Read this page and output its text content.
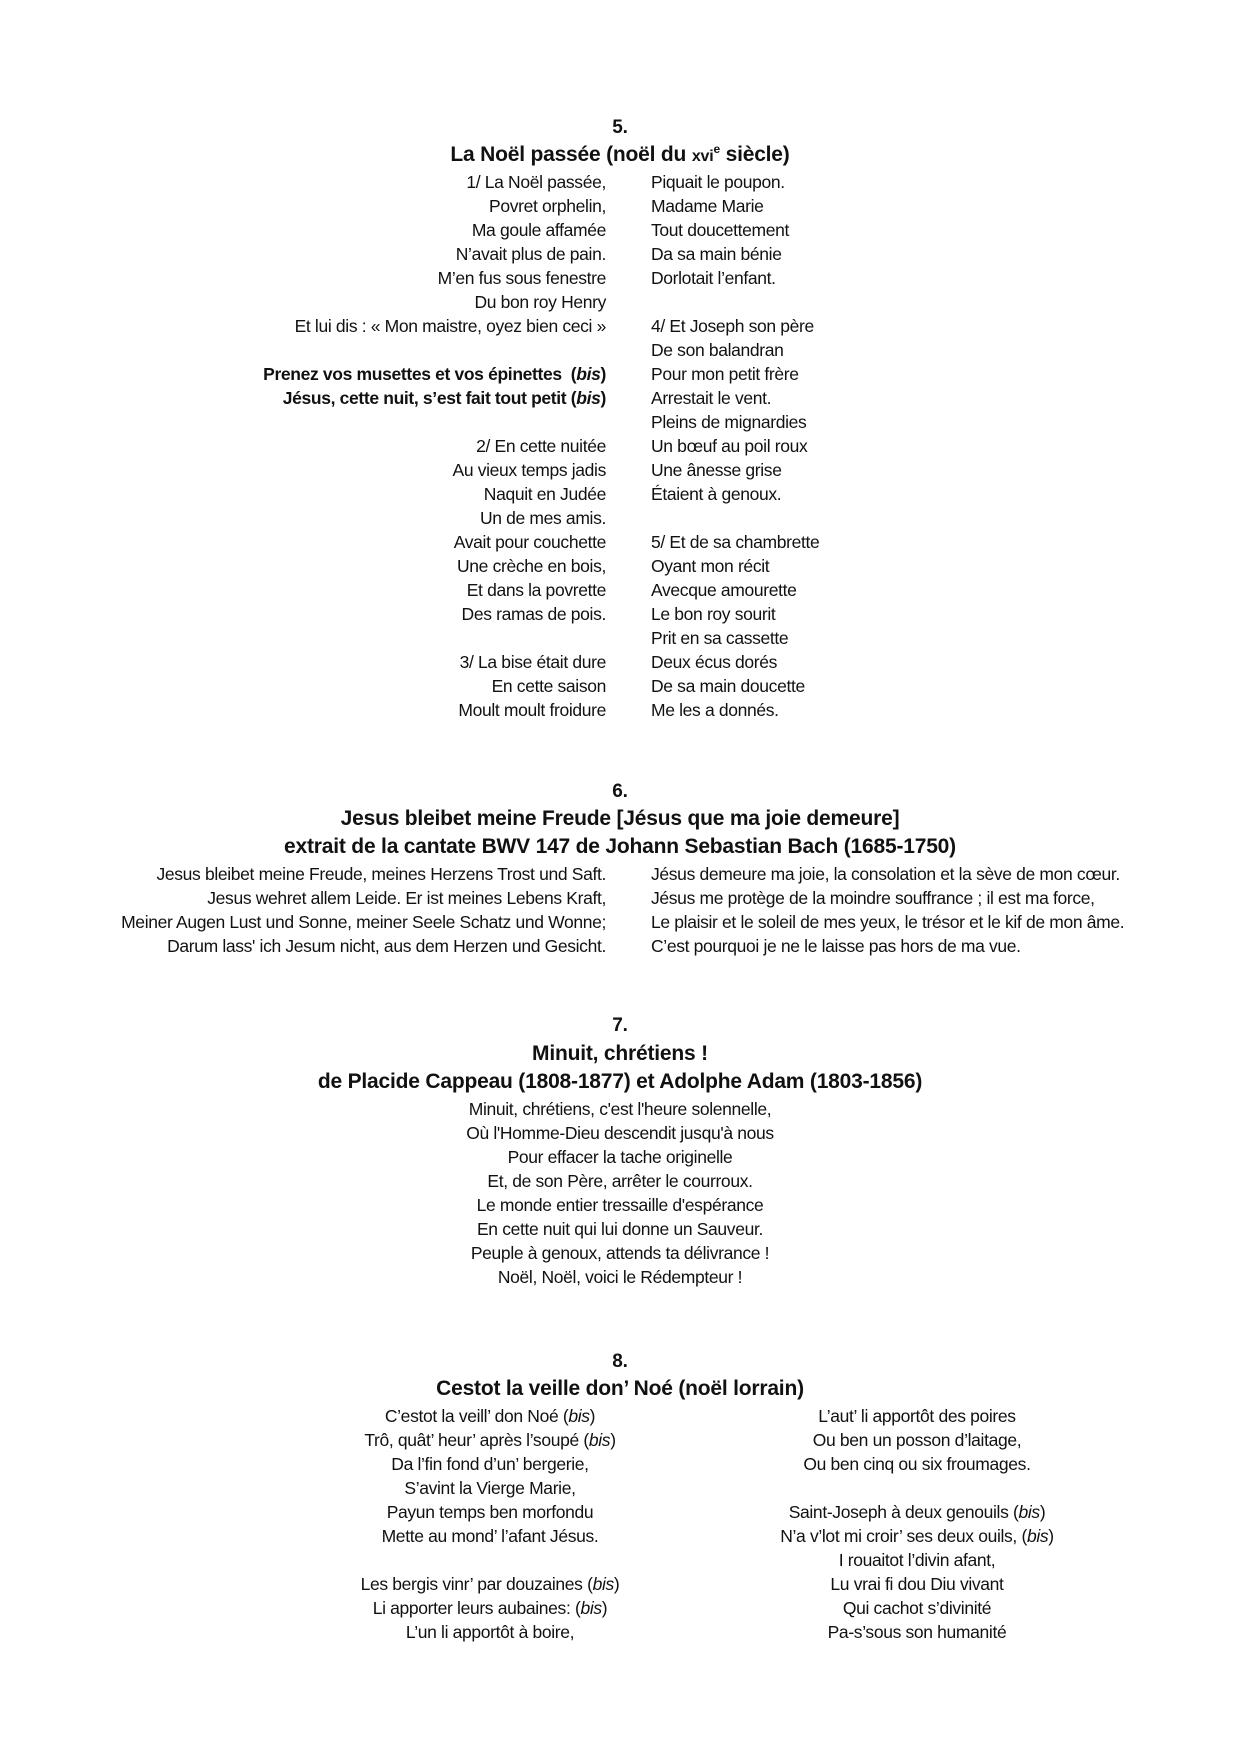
5.
La Noël passée (noël du xvi$^e$ siècle)
1/ La Noël passée,
Povret orphelin,
Ma goule affamée
N’avait plus de pain.
M’en fus sous fenestre
Du bon roy Henry
Et lui dis : « Mon maistre, oyez bien ceci »
Prenez vos musettes et vos épinettes  (bis)
Jésus, cette nuit, s’est fait tout petit (bis)
2/ En cette nuitée
Au vieux temps jadis
Naquit en Judée
Un de mes amis.
Avait pour couchette
Une crèche en bois,
Et dans la povrette
Des ramas de pois.
3/ La bise était dure
En cette saison
Moult moult froidure
Piquait le poupon.
Madame Marie
Tout doucettement
Da sa main bénie
Dorlotait l’enfant.
4/ Et Joseph son père
De son balandran
Pour mon petit frère
Arrestait le vent.
Pleins de mignardies
Un bœuf au poil roux
Une ânesse grise
Étaient à genoux.
5/ Et de sa chambrette
Oyant mon récit
Avecque amourette
Le bon roy sourit
Prit en sa cassette
Deux écus dorés
De sa main doucette
Me les a donnés.
6.
Jesus bleibet meine Freude [Jésus que ma joie demeure]
extrait de la cantate BWV 147 de Johann Sebastian Bach (1685-1750)
Jesus bleibet meine Freude, meines Herzens Trost und Saft.
Jesus wehret allem Leide. Er ist meines Lebens Kraft,
Meiner Augen Lust und Sonne, meiner Seele Schatz und Wonne;
Darum lass' ich Jesum nicht, aus dem Herzen und Gesicht.
Jésus demeure ma joie, la consolation et la sève de mon cœur.
Jésus me protège de la moindre souffrance ; il est ma force,
Le plaisir et le soleil de mes yeux, le trésor et le kif de mon âme.
C’est pourquoi je ne le laisse pas hors de ma vue.
7.
Minuit, chrétiens !
de Placide Cappeau (1808-1877) et Adolphe Adam (1803-1856)
Minuit, chrétiens, c'est l'heure solennelle,
Où l'Homme-Dieu descendit jusqu'à nous
Pour effacer la tache originelle
Et, de son Père, arrêter le courroux.
Le monde entier tressaille d'espérance
En cette nuit qui lui donne un Sauveur.
Peuple à genoux, attends ta délivrance !
Noël, Noël, voici le Rédempteur !
8.
Cestot la veille don’ Noé (noël lorrain)
C’estot la veill’ don Noé (bis)
Trô, quât’ heur’ après l’soupé (bis)
Da l’fin fond d’un’ bergerie,
S’avint la Vierge Marie,
Payun temps ben morfondu
Mette au mond’ l’afant Jésus.
Les bergis vinr’ par douzaines (bis)
Li apporter leurs aubaines: (bis)
L’un li apportôt à boire,
L’aut’ li apportôt des poires
Ou ben un posson d’laitage,
Ou ben cinq ou six froumages.
Saint-Joseph à deux genouils (bis)
N’a v’lot mi croir’ ses deux ouils, (bis)
I rouaitot l’divin afant,
Lu vrai fi dou Diu vivant
Qui cachot s’divinité
Pa-s’sous son humanité
